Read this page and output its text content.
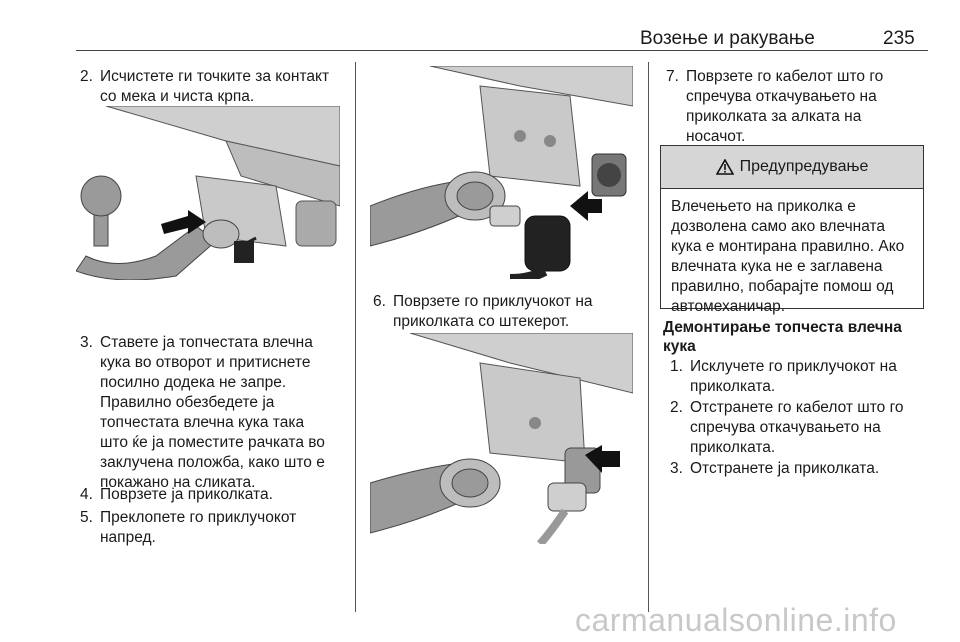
Возење и ракување	235
2. Исчистете ги точките за контакт
со мека и чиста крпа.
3. Ставете ја топчестата влечна
кука во отворот и притиснете
посилно додека не запре.
Правилно обезбедете ја
топчестата влечна кука така
што ќе ја поместите рачката во
заклучена положба, како што е
покажано на сликата.
4. Поврзете ја приколката.
5. Преклопете го приклучокот
напред.
6. Поврзете го приклучокот на
приколката со штекерот.
7. Поврзете го кабелот што го
спречува откачувањето на
приколката за алката на
носачот.
Предупредување
Влечењето на приколка е
дозволена само ако влечната
кука е монтирана правилно. Ако
влечната кука не е заглавена
правилно, побарајте помош од
автомеханичар.
Демонтирање топчеста влечна
кука
1. Исклучете го приклучокот на
приколката.
2. Отстранете го кабелот што го
спречува откачувањето на
приколката.
3. Отстранете ја приколката.
carmanualsonline.info
